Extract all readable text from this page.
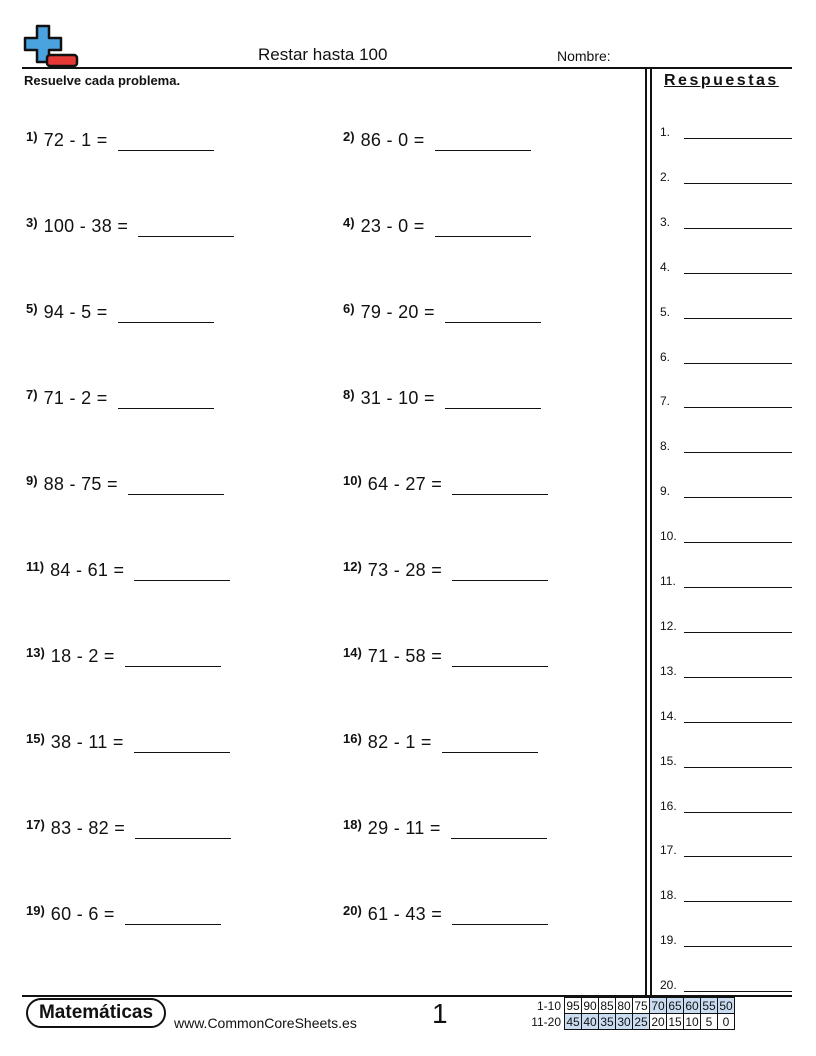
Restar hasta 100	Nombre:
Resuelve cada problema.
1) 72 - 1 =	2) 86 - 0 =
3) 100 - 38 =	4) 23 - 0 =
5) 94 - 5 =	6) 79 - 20 =
7) 71 - 2 =	8) 31 - 10 =
9) 88 - 75 =	10) 64 - 27 =
11) 84 - 61 =	12) 73 - 28 =
13) 18 - 2 =	14) 71 - 58 =
15) 38 - 11 =	16) 82 - 1 =
17) 83 - 82 =	18) 29 - 11 =
19) 60 - 6 =	20) 61 - 43 =
Respuestas
1.
2.
3.
4.
5.
6.
7.
8.
9.
10.
11.
12.
13.
14.
15.
16.
17.
18.
19.
20.
Matemáticas www.CommonCoreSheets.es	1	1-10	95	90	85	80	75	70	65	60	55	50
11-20	45	40	35	30	25	20	15	10	5	0
